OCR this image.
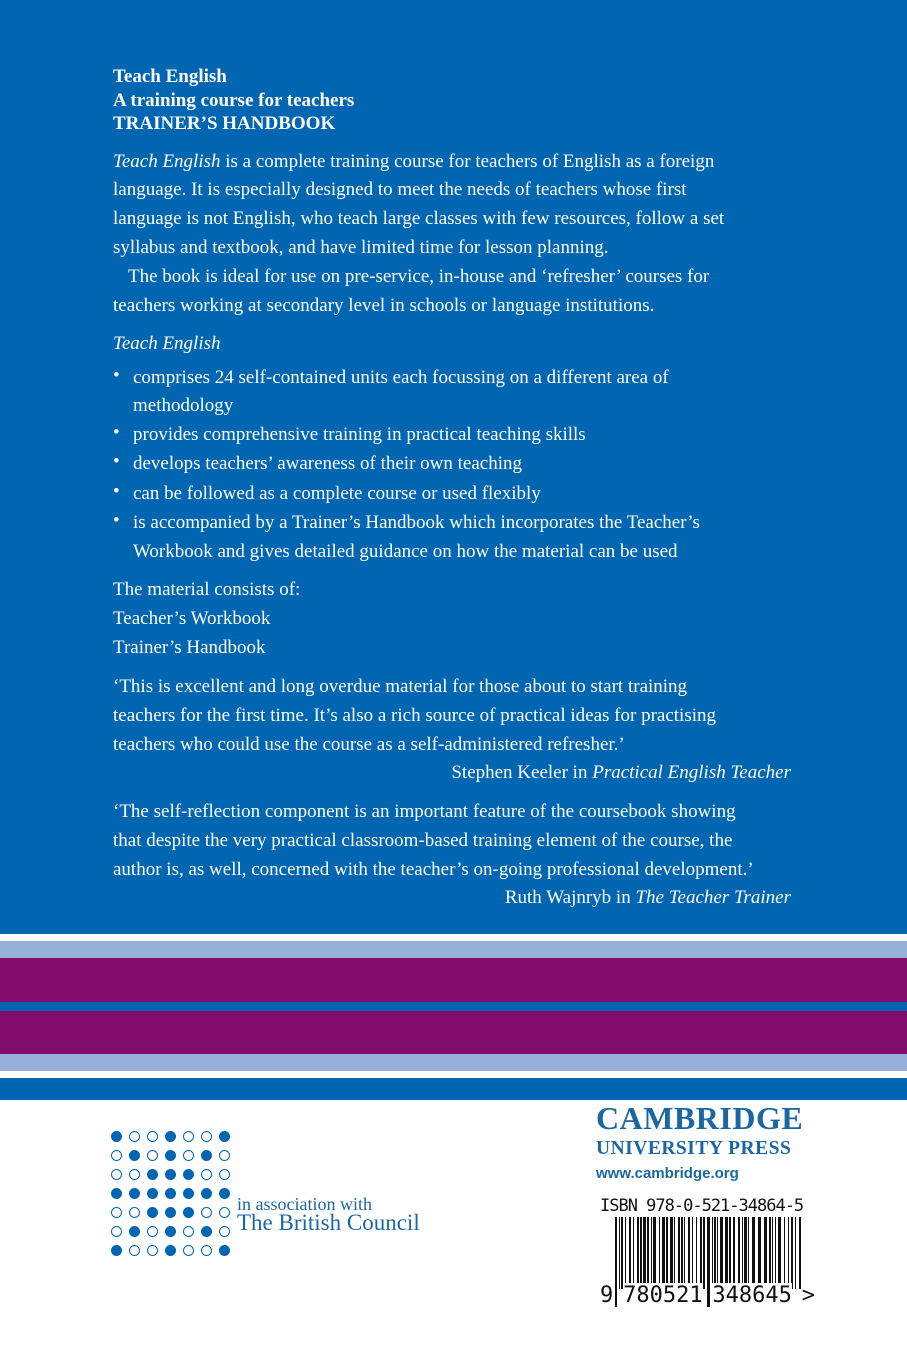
Teach English
A training course for teachers
TRAINER’S HANDBOOK
Teach English is a complete training course for teachers of English as a foreign
language. It is especially designed to meet the needs of teachers whose first
language is not English, who teach large classes with few resources, follow a set
syllabus and textbook, and have limited time for lesson planning.
The book is ideal for use on pre-service, in-house and ‘refresher’ courses for
teachers working at secondary level in schools or language institutions.
Teach English
The material consists of:
Teacher’s Workbook
Trainer’s Handbook
‘This is excellent and long overdue material for those about to start training
teachers for the first time. It’s also a rich source of practical ideas for practising
teachers who could use the course as a self-administered refresher.’
Stephen Keeler in Practical English Teacher
‘The self-reflection component is an important feature of the coursebook showing
that despite the very practical classroom-based training element of the course, the
author is, as well, concerned with the teacher’s on-going professional development.’
Ruth Wajnryb in The Teacher Trainer
• comprises 24 self-contained units each focussing on a different area of
methodology
• provides comprehensive training in practical teaching skills
• develops teachers’ awareness of their own teaching
• can be followed as a complete course or used flexibly
• is accompanied by a Trainer’s Handbook which incorporates the Teacher’s
Workbook and gives detailed guidance on how the material can be used
in association with
The British Council
CAMBRIDGE
UNIVERSITY PRESS
www.cambridge.org
ISBN 978-0-521-34864-5
9 780521 348645 >
